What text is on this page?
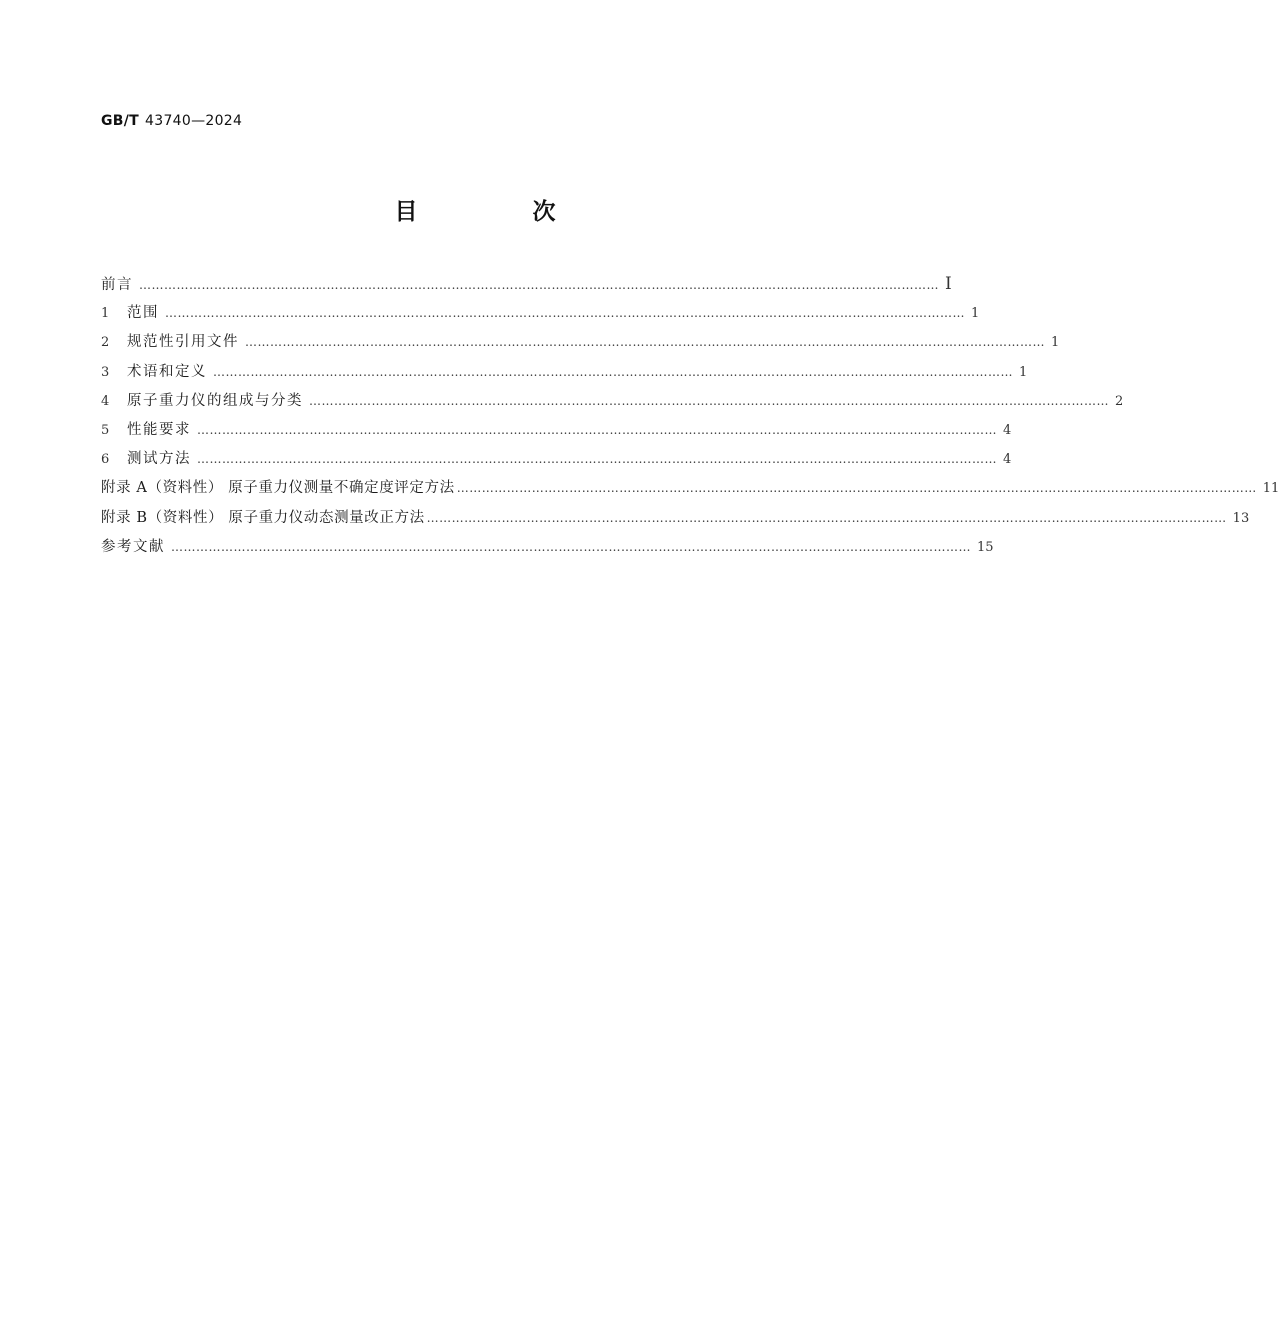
GB/T 43740—2024
目　次
前言 ………………………………………………………………………………………………………………………………………………………………………… Ⅰ
1	范围 ………………………………………………………………………………………………………………………………………………………………………… 1
2	规范性引用文件 ………………………………………………………………………………………………………………………………………………………………………… 1
3	术语和定义 ………………………………………………………………………………………………………………………………………………………………………… 1
4	原子重力仪的组成与分类 ………………………………………………………………………………………………………………………………………………………………………… 2
5	性能要求 ………………………………………………………………………………………………………………………………………………………………………… 4
6	测试方法 ………………………………………………………………………………………………………………………………………………………………………… 4
附录 A（资料性） 原子重力仪测量不确定度评定方法 ………………………………………………………………………………………………………………………………………………………………………… 11
附录 B（资料性） 原子重力仪动态测量改正方法 ………………………………………………………………………………………………………………………………………………………………………… 13
参考文献 ………………………………………………………………………………………………………………………………………………………………………… 15
